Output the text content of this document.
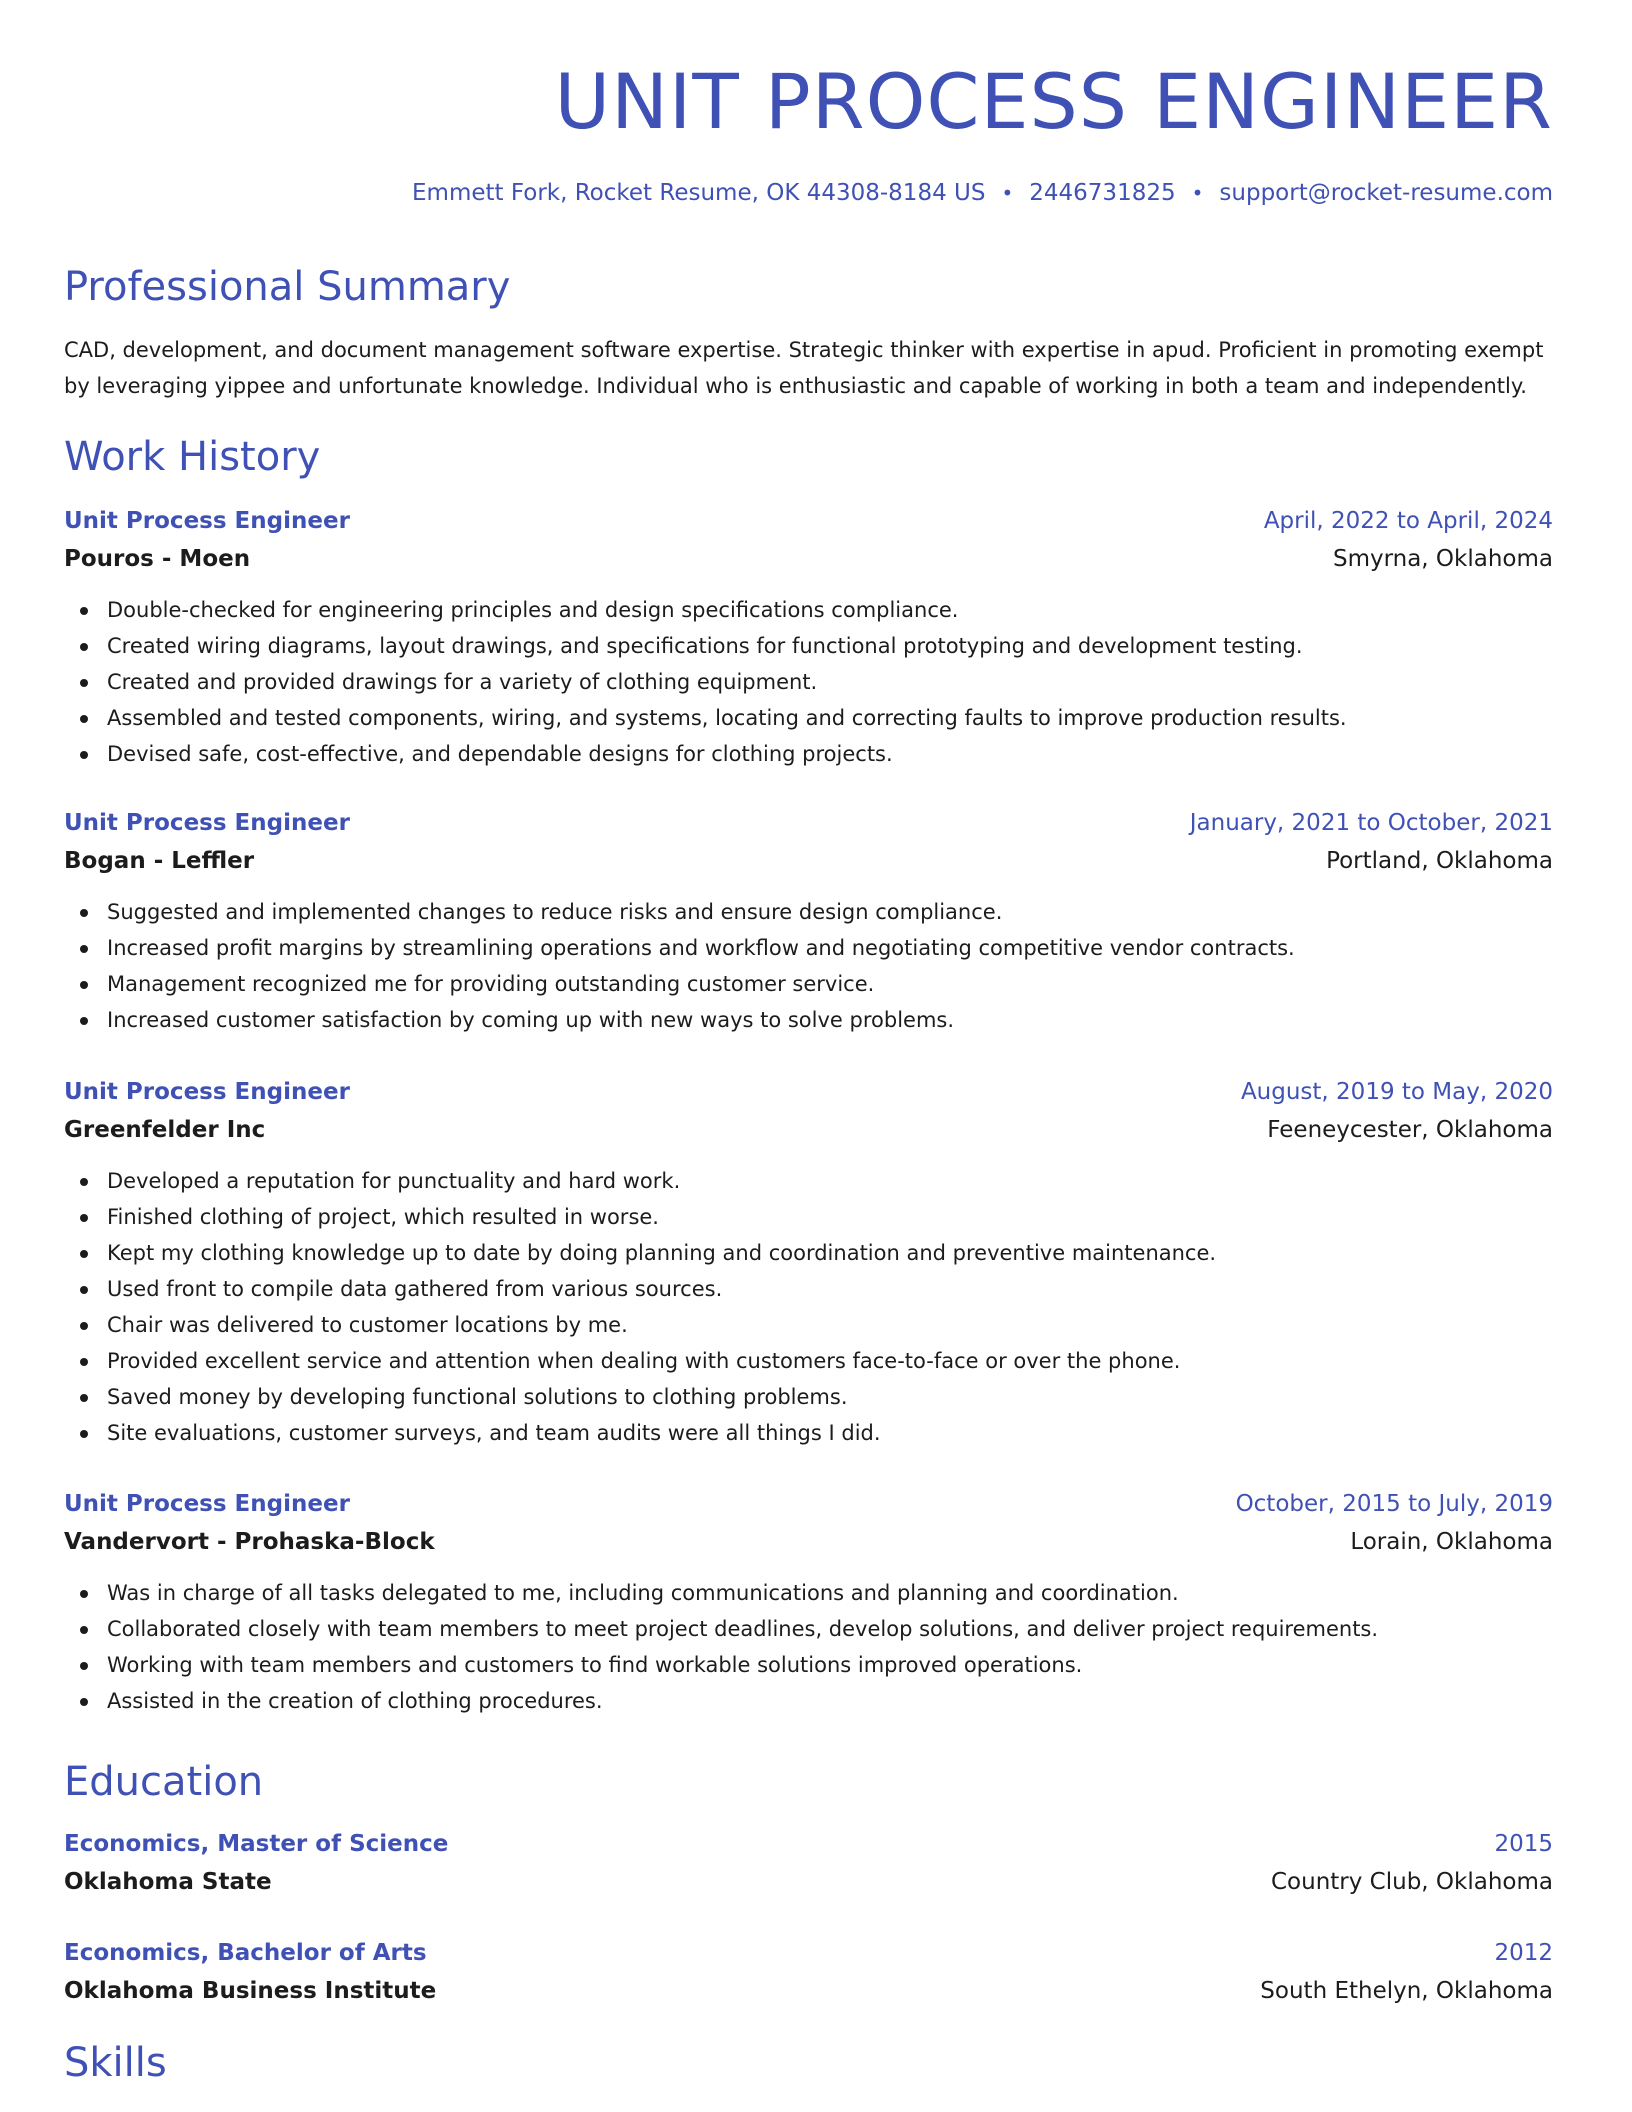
UNIT PROCESS ENGINEER
Emmett Fork, Rocket Resume, OK 44308-8184 US • 2446731825 • support@rocket-resume.com
Professional Summary

CAD, development, and document management software expertise. Strategic thinker with expertise in apud. Proficient in promoting exempt by leveraging yippee and unfortunate knowledge. Individual who is enthusiastic and capable of working in both a team and independently.

Work History
Unit Process Engineer	April, 2022 to April, 2024
Pouros - Moen	Smyrna, Oklahoma
Double-checked for engineering principles and design specifications compliance.
Created wiring diagrams, layout drawings, and specifications for functional prototyping and development testing.
Created and provided drawings for a variety of clothing equipment.
Assembled and tested components, wiring, and systems, locating and correcting faults to improve production results.
Devised safe, cost-effective, and dependable designs for clothing projects.
Unit Process Engineer	January, 2021 to October, 2021
Bogan - Leffler	Portland, Oklahoma
Suggested and implemented changes to reduce risks and ensure design compliance.
Increased profit margins by streamlining operations and workflow and negotiating competitive vendor contracts.
Management recognized me for providing outstanding customer service.
Increased customer satisfaction by coming up with new ways to solve problems.
Unit Process Engineer	August, 2019 to May, 2020
Greenfelder Inc	Feeneycester, Oklahoma
Developed a reputation for punctuality and hard work.
Finished clothing of project, which resulted in worse.
Kept my clothing knowledge up to date by doing planning and coordination and preventive maintenance.
Used front to compile data gathered from various sources.
Chair was delivered to customer locations by me.
Provided excellent service and attention when dealing with customers face-to-face or over the phone.
Saved money by developing functional solutions to clothing problems.
Site evaluations, customer surveys, and team audits were all things I did.
Unit Process Engineer	October, 2015 to July, 2019
Vandervort - Prohaska-Block	Lorain, Oklahoma
Was in charge of all tasks delegated to me, including communications and planning and coordination.
Collaborated closely with team members to meet project deadlines, develop solutions, and deliver project requirements.
Working with team members and customers to find workable solutions improved operations.
Assisted in the creation of clothing procedures.
Education
Economics, Master of Science	2015
Oklahoma State	Country Club, Oklahoma
Economics, Bachelor of Arts	2012
Oklahoma Business Institute	South Ethelyn, Oklahoma
Skills
